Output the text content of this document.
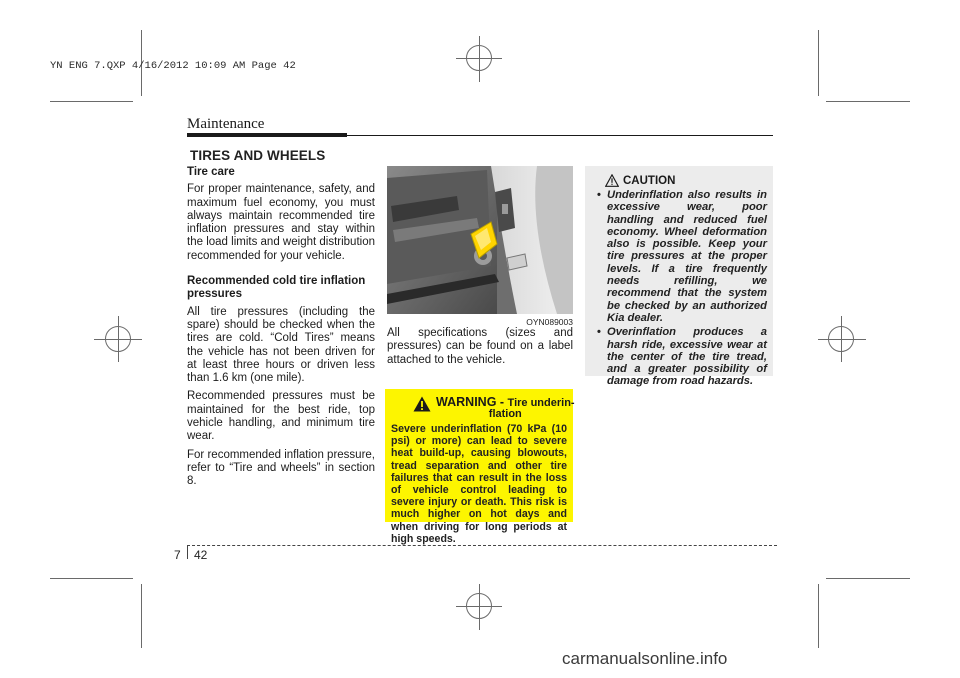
YN ENG 7.QXP 4/16/2012 10:09 AM Page 42
Maintenance
TIRES AND WHEELS
Tire care

For proper maintenance, safety, and maximum fuel economy, you must always maintain recommended tire inflation pressures and stay within the load limits and weight distribution recommended for your vehicle.

Recommended cold tire inflation pressures

All tire pressures (including the spare) should be checked when the tires are cold. “Cold Tires” means the vehicle has not been driven for at least three hours or driven less than 1.6 km (one mile).

Recommended pressures must be maintained for the best ride, top vehicle handling, and minimum tire wear.

For recommended inflation pressure, refer to “Tire and wheels” in section 8.

OYN089003
All specifications (sizes and pressures) can be found on a label attached to the vehicle.
WARNING - Tire underin-
flation
Severe underinflation (70 kPa (10 psi) or more) can lead to severe heat build-up, causing blowouts, tread separation and other tire failures that can result in the loss of vehicle control leading to severe injury or death. This risk is much higher on hot days and when driving for long periods at high speeds.
CAUTION
• Underinflation also results in excessive wear, poor handling and reduced fuel economy. Wheel deformation also is possible. Keep your tire pressures at the proper levels. If a tire frequently needs refilling, we recommend that the system be checked by an authorized Kia dealer.
• Overinflation produces a harsh ride, excessive wear at the center of the tire tread, and a greater possibility of damage from road hazards.
7 42
carmanualsonline.info
